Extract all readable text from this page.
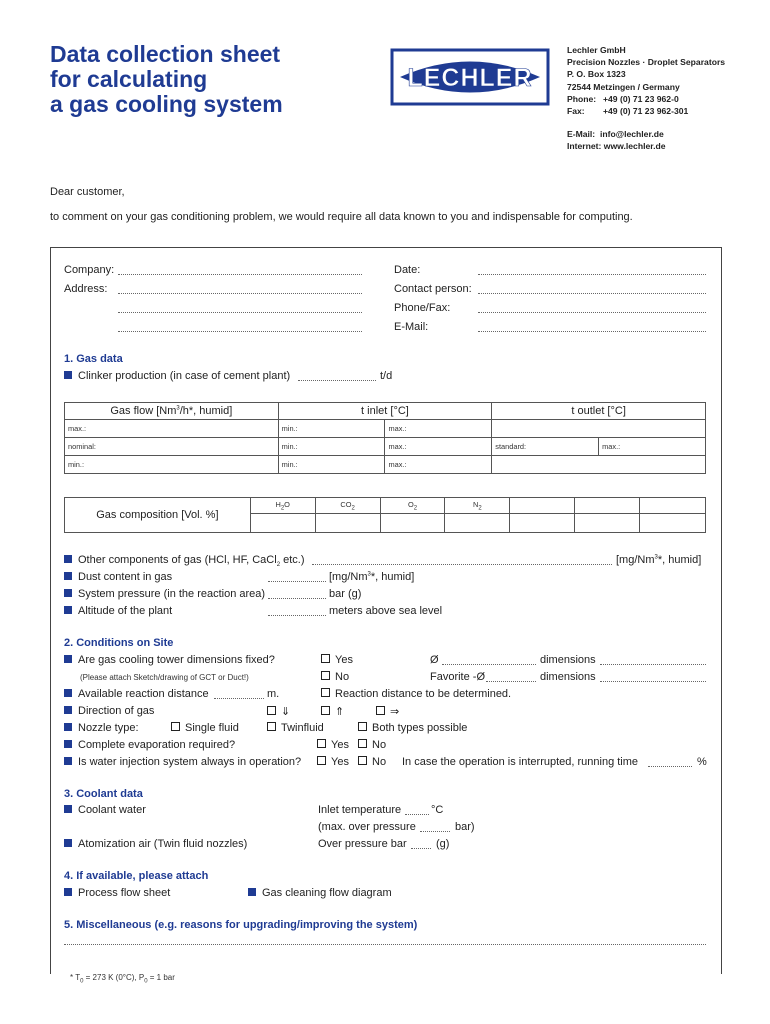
Data collection sheet
for calculating
a gas cooling system
LECHLER
Lechler GmbH
Precision Nozzles · Droplet Separators
P. O. Box 1323
72544 Metzingen / Germany
Phone: +49 (0) 71 23 962-0
Fax: +49 (0) 71 23 962-301
E-Mail: info@lechler.de
Internet: www.lechler.de
Dear customer,
to comment on your gas conditioning problem, we would require all data known to you and indispensable for computing.
Company:
Address:
Date:
Contact person:
Phone/Fax:
E-Mail:
1. Gas data
Clinker production (in case of cement plant)	t/d
Gas flow [Nm$^3$/h*, humid]	t inlet [°C]		t outlet [°C]	
max.:	min.:	max.:		
nominal:	min.:	max.:	standard:	max.:
min.:	min.:	max.:		
Gas composition [Vol. %]	$H_2O$	$CO_2$	$O_2$	$N_2$			

Other components of gas (HCl, HF, CaCl$_2$ etc.)	[mg/Nm$^3$*, humid]
Dust content in gas	[mg/Nm$^3$*, humid]
System pressure (in the reaction area)	bar (g)
Altitude of the plant	meters above sea level
2. Conditions on Site
Are gas cooling tower dimensions fixed?	Yes	Ø	dimensions
(Please attach Sketch/drawing of GCT or Duct!)	No	Favorite -Ø	dimensions
Available reaction distance	m.	Reaction distance to be determined.
Direction of gas	⇓	⇑	⇒
Nozzle type:	Single fluid	Twinfluid	Both types possible
Complete evaporation required?	Yes	No
Is water injection system always in operation?	Yes	No In case the operation is interrupted, running time	%
3. Coolant data
Coolant water	Inlet temperature	°C
(max. over pressure	bar)
Atomization air (Twin fluid nozzles)	Over pressure bar	(g)
4. If available, please attach
Process flow sheet	Gas cleaning flow diagram
5. Miscellaneous (e.g. reasons for upgrading/improving the system)
* $T_0 = 273$ K (0°C), $P_0 = 1$ bar
